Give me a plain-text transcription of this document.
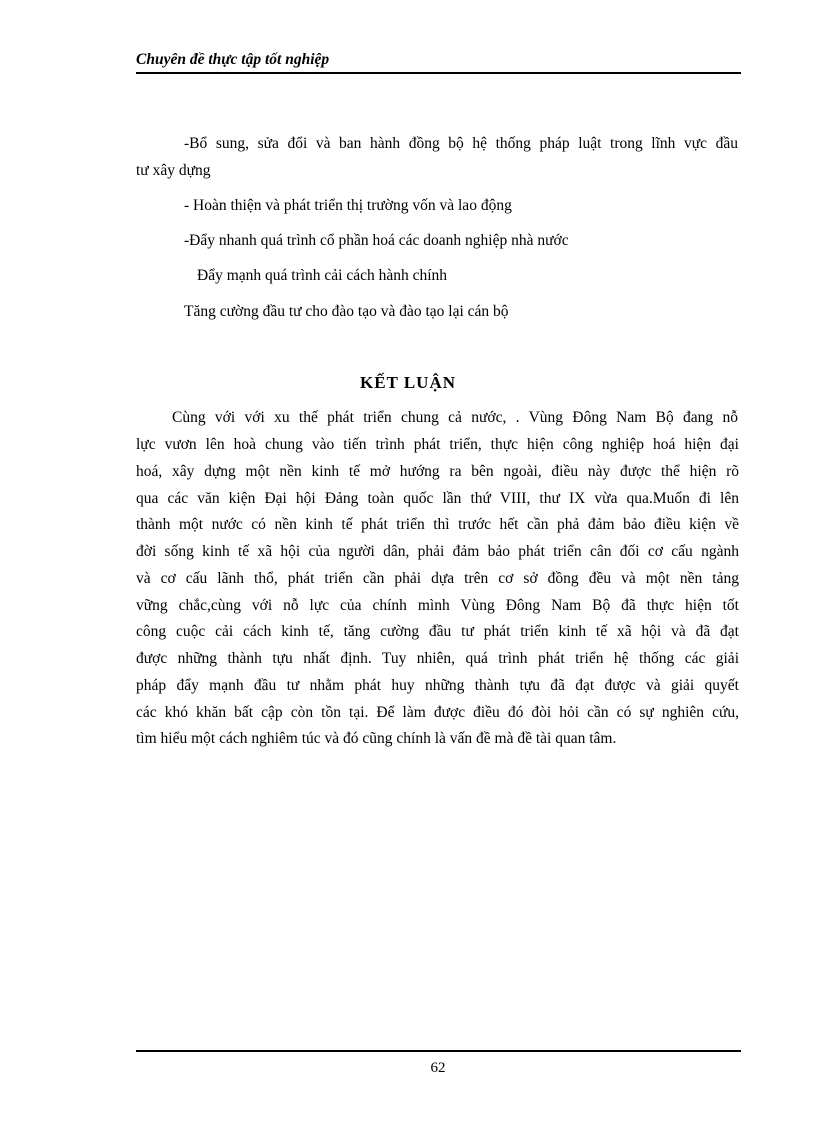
Chuyên đề thực tập tốt nghiệp
-Bổ sung, sửa đổi và ban hành đồng bộ hệ thống pháp luật trong lĩnh vực đầu
tư xây dựng
- Hoàn thiện và phát triển thị trường vốn và lao động
-Đẩy nhanh quá trình cổ phần hoá các doanh nghiệp nhà nước
Đẩy mạnh quá trình cải cách hành chính
Tăng cường đầu tư cho đào tạo và đào tạo lại cán bộ
KẾT LUẬN
Cùng với với xu thế phát triển chung cả nước, . Vùng Đông Nam Bộ đang nỗ
lực vươn lên hoà chung vào tiến trình phát triển, thực hiện công nghiệp hoá hiện đại
hoá, xây dựng một nền kinh tế mở hướng ra bên ngoài, điều này được thể hiện rõ
qua các văn kiện Đại hội Đảng toàn quốc lần thứ VIII, thư IX vừa qua.Muốn đi lên
thành một nước có nền kinh tế phát triển thì trước hết cần phả đảm bảo điều kiện về
đời sống kinh tế xã hội của người dân, phải đảm bảo phát triển cân đối cơ cấu ngành
và cơ cấu lãnh thổ, phát triển cần phải dựa trên cơ sở đồng đều và một nền tảng
vững chắc,cùng với nỗ lực của chính mình Vùng Đông Nam Bộ đã thực hiện tốt
công cuộc cải cách kinh tế, tăng cường đầu tư phát triển kinh tế xã hội và đã đạt
được những thành tựu nhất định. Tuy nhiên, quá trình phát triển hệ thống các giải
pháp đẩy mạnh đầu tư nhằm phát huy những thành tựu đã đạt được và giải quyết
các khó khăn bất cập còn tồn tại. Để làm được điều đó đòi hỏi cần có sự nghiên cứu,
tìm hiểu một cách nghiêm túc và đó cũng chính là vấn đề mà đề tài quan tâm.
62
